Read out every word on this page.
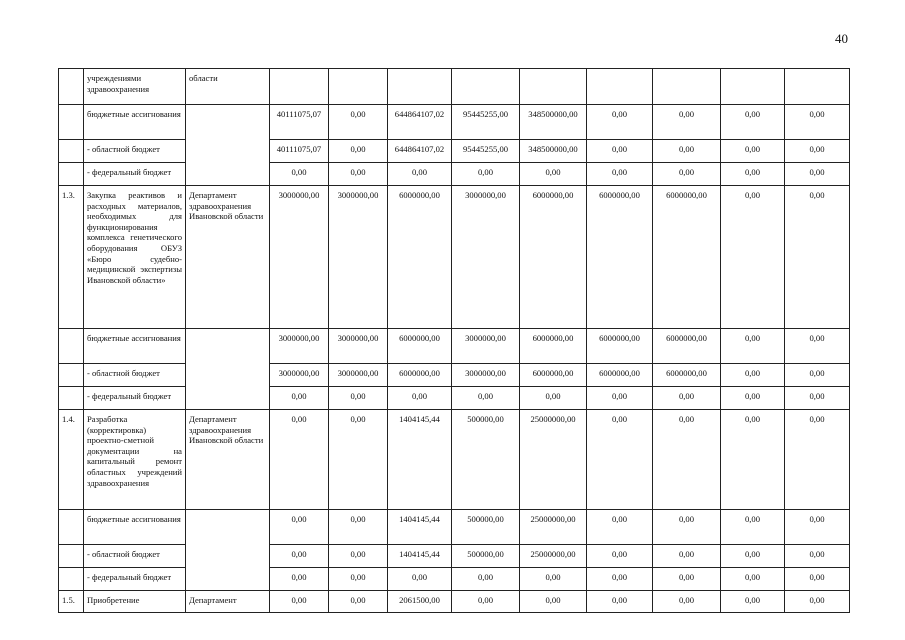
40
	учреждениями здравоохранения	области									
	бюджетные ассигнования		40111075,07	0,00	644864107,02	95445255,00	348500000,00	0,00	0,00	0,00	0,00
	- областной бюджет		40111075,07	0,00	644864107,02	95445255,00	348500000,00	0,00	0,00	0,00	0,00
	- федеральный бюджет		0,00	0,00	0,00	0,00	0,00	0,00	0,00	0,00	0,00
1.3.	Закупка реактивов и расходных материалов, необходимых для функционирования комплекса генетического оборудования ОБУЗ «Бюро судебно-медицинской экспертизы Ивановской области»	Департамент здравоохранения Ивановской области	3000000,00	3000000,00	6000000,00	3000000,00	6000000,00	6000000,00	6000000,00	0,00	0,00
	бюджетные ассигнования		3000000,00	3000000,00	6000000,00	3000000,00	6000000,00	6000000,00	6000000,00	0,00	0,00
	- областной бюджет		3000000,00	3000000,00	6000000,00	3000000,00	6000000,00	6000000,00	6000000,00	0,00	0,00
	- федеральный бюджет		0,00	0,00	0,00	0,00	0,00	0,00	0,00	0,00	0,00
1.4.	Разработка (корректировка) проектно-сметной документации на капитальный ремонт областных учреждений здравоохранения	Департамент здравоохранения Ивановской области	0,00	0,00	1404145,44	500000,00	25000000,00	0,00	0,00	0,00	0,00
	бюджетные ассигнования		0,00	0,00	1404145,44	500000,00	25000000,00	0,00	0,00	0,00	0,00
	- областной бюджет		0,00	0,00	1404145,44	500000,00	25000000,00	0,00	0,00	0,00	0,00
	- федеральный бюджет		0,00	0,00	0,00	0,00	0,00	0,00	0,00	0,00	0,00
1.5.	Приобретение	Департамент	0,00	0,00	2061500,00	0,00	0,00	0,00	0,00	0,00	0,00
